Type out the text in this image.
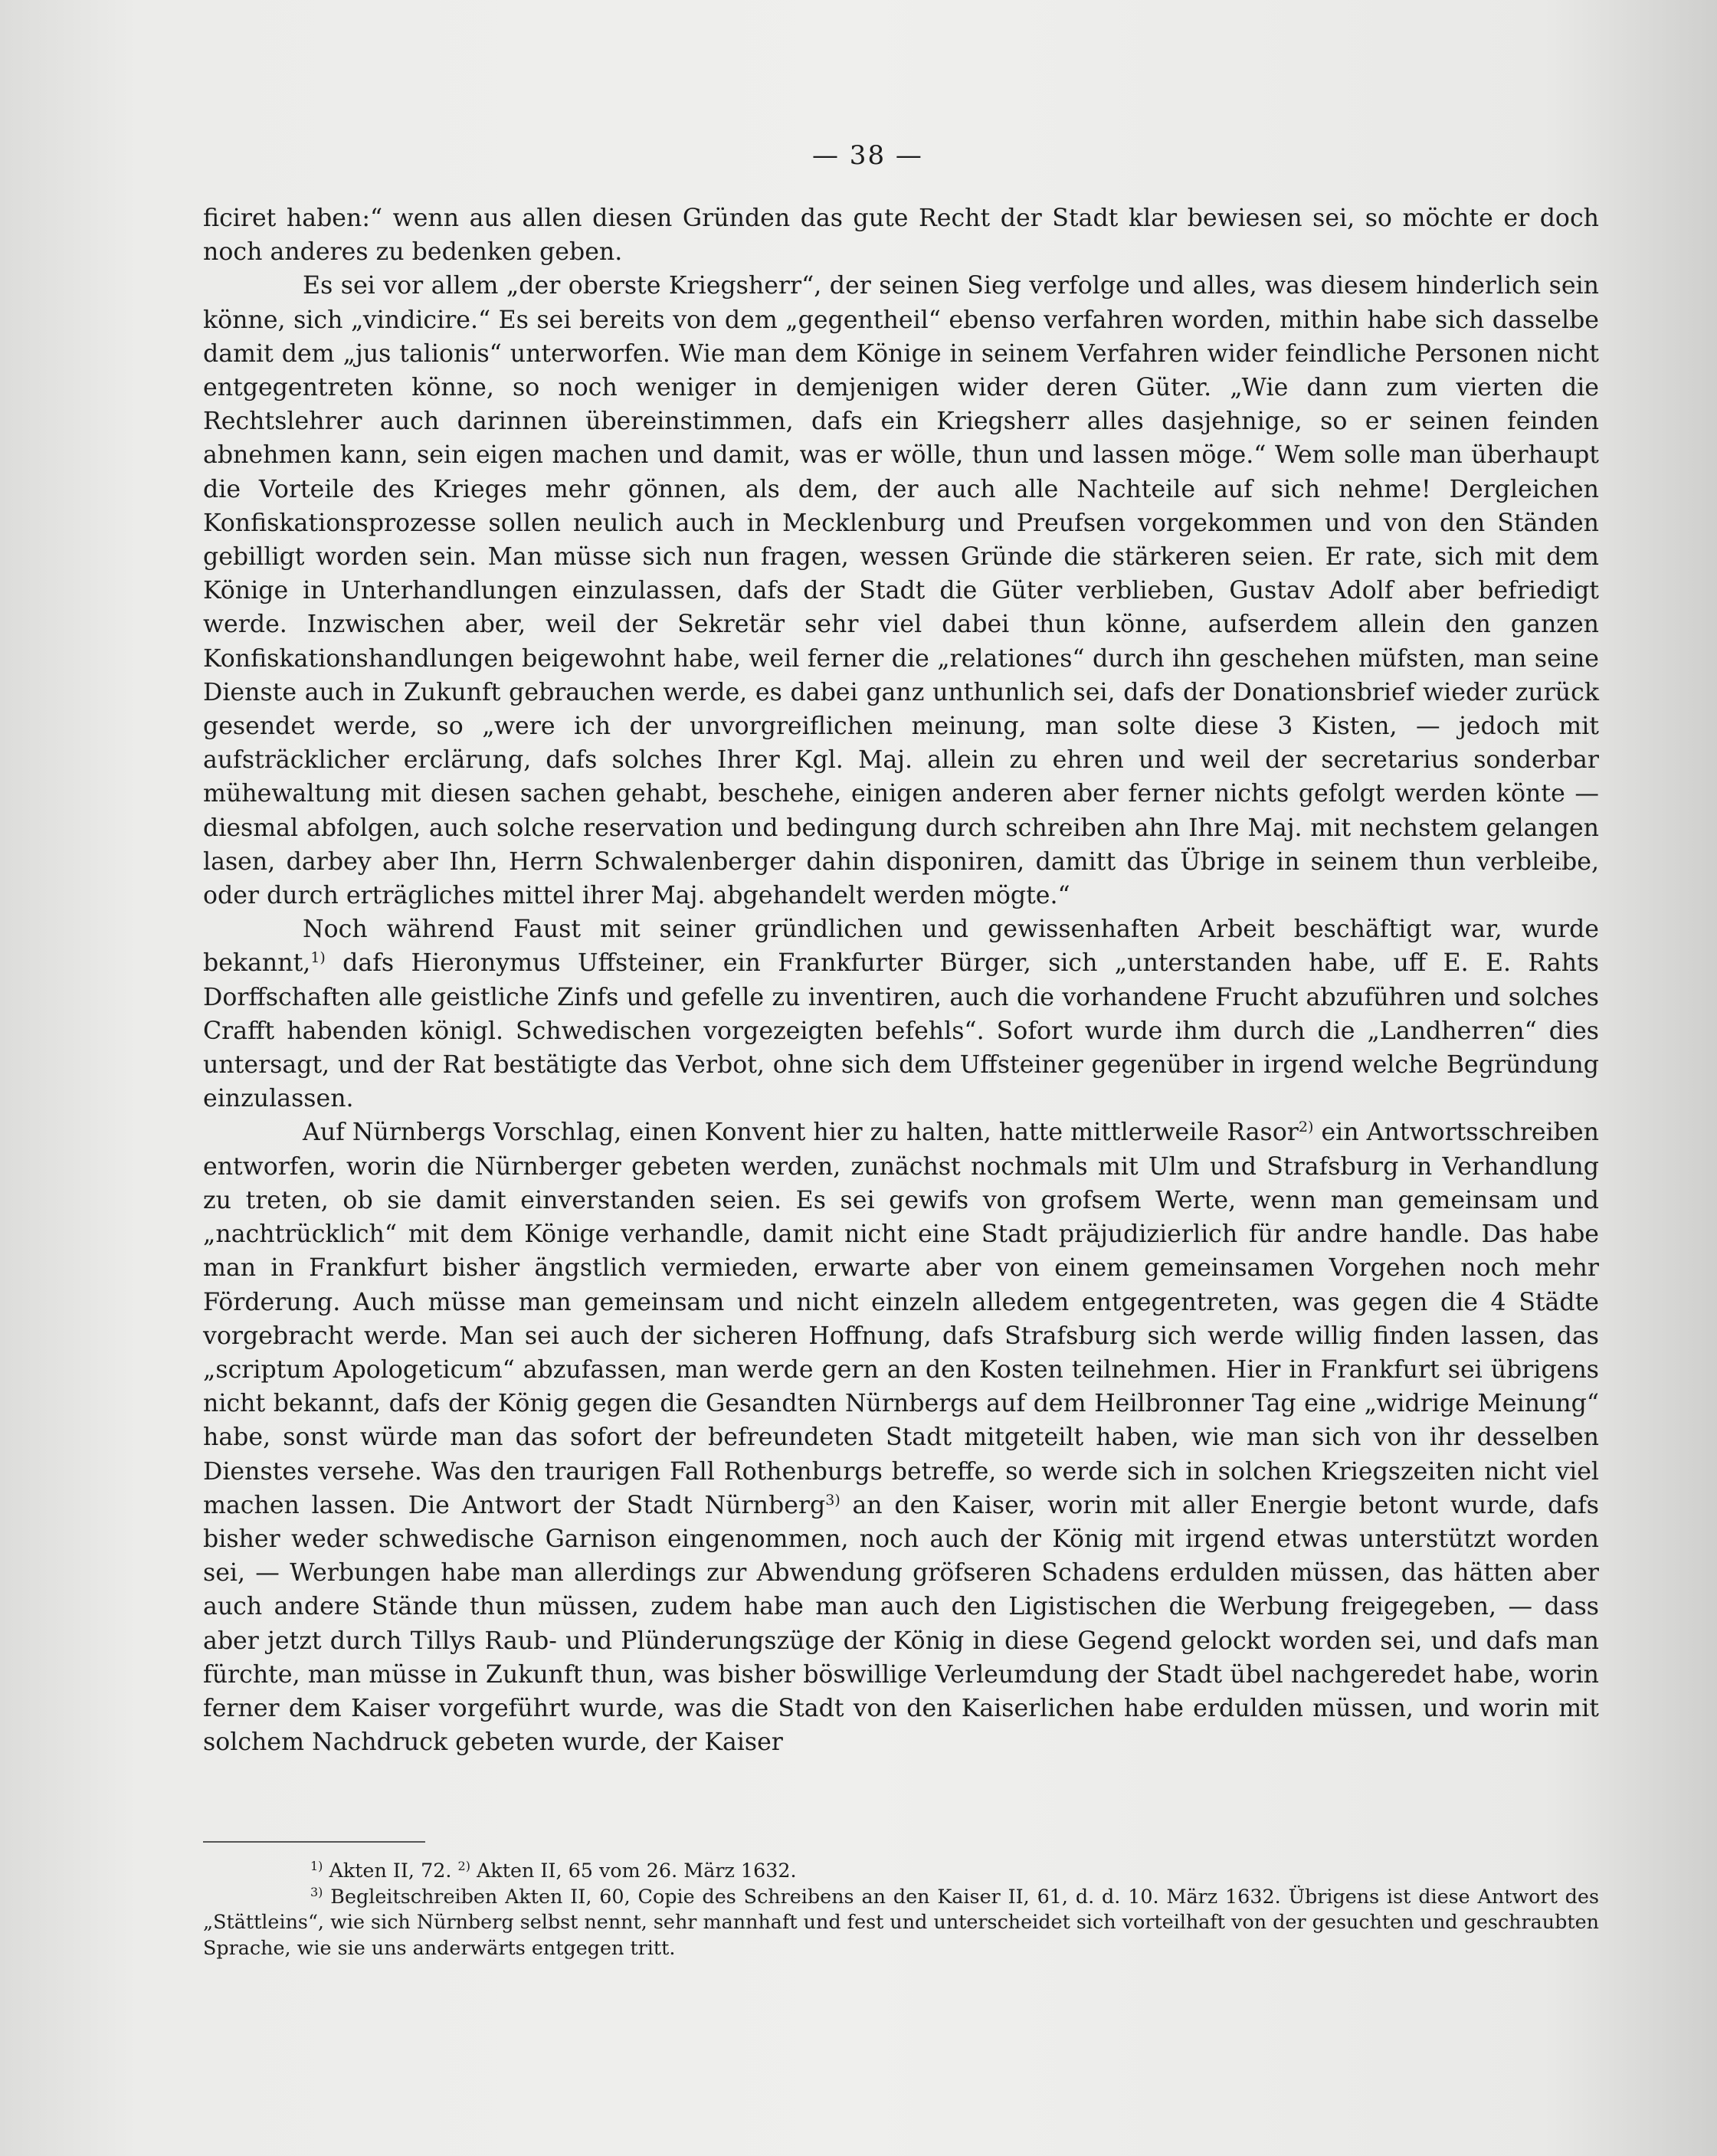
— 38 —

ficiret haben:“ wenn aus allen diesen Gründen das gute Recht der Stadt klar bewiesen sei, so möchte er doch noch anderes zu bedenken geben.

Es sei vor allem „der oberste Kriegsherr“, der seinen Sieg verfolge und alles, was diesem hinderlich sein könne, sich „vindicire.“ Es sei bereits von dem „gegentheil“ ebenso verfahren worden, mithin habe sich dasselbe damit dem „jus talionis“ unterworfen. Wie man dem Könige in seinem Verfahren wider feindliche Personen nicht entgegentreten könne, so noch weniger in demjenigen wider deren Güter. „Wie dann zum vierten die Rechtslehrer auch darinnen übereinstimmen, dafs ein Kriegsherr alles dasjehnige, so er seinen feinden abnehmen kann, sein eigen machen und damit, was er wölle, thun und lassen möge.“ Wem solle man überhaupt die Vorteile des Krieges mehr gönnen, als dem, der auch alle Nachteile auf sich nehme! Dergleichen Konfiskationsprozesse sollen neulich auch in Mecklenburg und Preufsen vorgekommen und von den Ständen gebilligt worden sein. Man müsse sich nun fragen, wessen Gründe die stärkeren seien. Er rate, sich mit dem Könige in Unterhandlungen einzulassen, dafs der Stadt die Güter verblieben, Gustav Adolf aber befriedigt werde. Inzwischen aber, weil der Sekretär sehr viel dabei thun könne, aufserdem allein den ganzen Konfiskationshandlungen beigewohnt habe, weil ferner die „relationes“ durch ihn geschehen müfsten, man seine Dienste auch in Zukunft gebrauchen werde, es dabei ganz unthunlich sei, dafs der Donationsbrief wieder zurück gesendet werde, so „were ich der unvorgreiflichen meinung, man solte diese 3 Kisten, — jedoch mit aufsträcklicher erclärung, dafs solches Ihrer Kgl. Maj. allein zu ehren und weil der secretarius sonderbar mühewaltung mit diesen sachen gehabt, beschehe, einigen anderen aber ferner nichts gefolgt werden könte — diesmal abfolgen, auch solche reservation und bedingung durch schreiben ahn Ihre Maj. mit nechstem gelangen lasen, darbey aber Ihn, Herrn Schwalenberger dahin disponiren, damitt das Übrige in seinem thun verbleibe, oder durch erträgliches mittel ihrer Maj. abgehandelt werden mögte.“

Noch während Faust mit seiner gründlichen und gewissenhaften Arbeit beschäftigt war, wurde bekannt,$^{1)}$ dafs Hieronymus Uffsteiner, ein Frankfurter Bürger, sich „unterstanden habe, uff E. E. Rahts Dorffschaften alle geistliche Zinfs und gefelle zu inventiren, auch die vorhandene Frucht abzuführen und solches Crafft habenden königl. Schwedischen vorgezeigten befehls“. Sofort wurde ihm durch die „Landherren“ dies untersagt, und der Rat bestätigte das Verbot, ohne sich dem Uffsteiner gegenüber in irgend welche Begründung einzulassen.

Auf Nürnbergs Vorschlag, einen Konvent hier zu halten, hatte mittlerweile Rasor$^{2)}$ ein Antwortsschreiben entworfen, worin die Nürnberger gebeten werden, zunächst nochmals mit Ulm und Strafsburg in Verhandlung zu treten, ob sie damit einverstanden seien. Es sei gewifs von grofsem Werte, wenn man gemeinsam und „nachtrücklich“ mit dem Könige verhandle, damit nicht eine Stadt präjudizierlich für andre handle. Das habe man in Frankfurt bisher ängstlich vermieden, erwarte aber von einem gemeinsamen Vorgehen noch mehr Förderung. Auch müsse man gemeinsam und nicht einzeln alledem entgegentreten, was gegen die 4 Städte vorgebracht werde. Man sei auch der sicheren Hoffnung, dafs Strafsburg sich werde willig finden lassen, das „scriptum Apologeticum“ abzufassen, man werde gern an den Kosten teilnehmen. Hier in Frankfurt sei übrigens nicht bekannt, dafs der König gegen die Gesandten Nürnbergs auf dem Heilbronner Tag eine „widrige Meinung“ habe, sonst würde man das sofort der befreundeten Stadt mitgeteilt haben, wie man sich von ihr desselben Dienstes versehe. Was den traurigen Fall Rothenburgs betreffe, so werde sich in solchen Kriegszeiten nicht viel machen lassen. Die Antwort der Stadt Nürnberg$^{3)}$ an den Kaiser, worin mit aller Energie betont wurde, dafs bisher weder schwedische Garnison eingenommen, noch auch der König mit irgend etwas unterstützt worden sei, — Werbungen habe man allerdings zur Abwendung gröfseren Schadens erdulden müssen, das hätten aber auch andere Stände thun müssen, zudem habe man auch den Ligistischen die Werbung freigegeben, — dass aber jetzt durch Tillys Raub- und Plünderungszüge der König in diese Gegend gelockt worden sei, und dafs man fürchte, man müsse in Zukunft thun, was bisher böswillige Verleumdung der Stadt übel nachgeredet habe, worin ferner dem Kaiser vorgeführt wurde, was die Stadt von den Kaiserlichen habe erdulden müssen, und worin mit solchem Nachdruck gebeten wurde, der Kaiser

$^{1)}$ Akten II, 72. $^{2)}$ Akten II, 65 vom 26. März 1632.

$^{3)}$ Begleitschreiben Akten II, 60, Copie des Schreibens an den Kaiser II, 61, d. d. 10. März 1632. Übrigens ist diese Antwort des „Stättleins“, wie sich Nürnberg selbst nennt, sehr mannhaft und fest und unterscheidet sich vorteilhaft von der gesuchten und geschraubten Sprache, wie sie uns anderwärts entgegen tritt.
